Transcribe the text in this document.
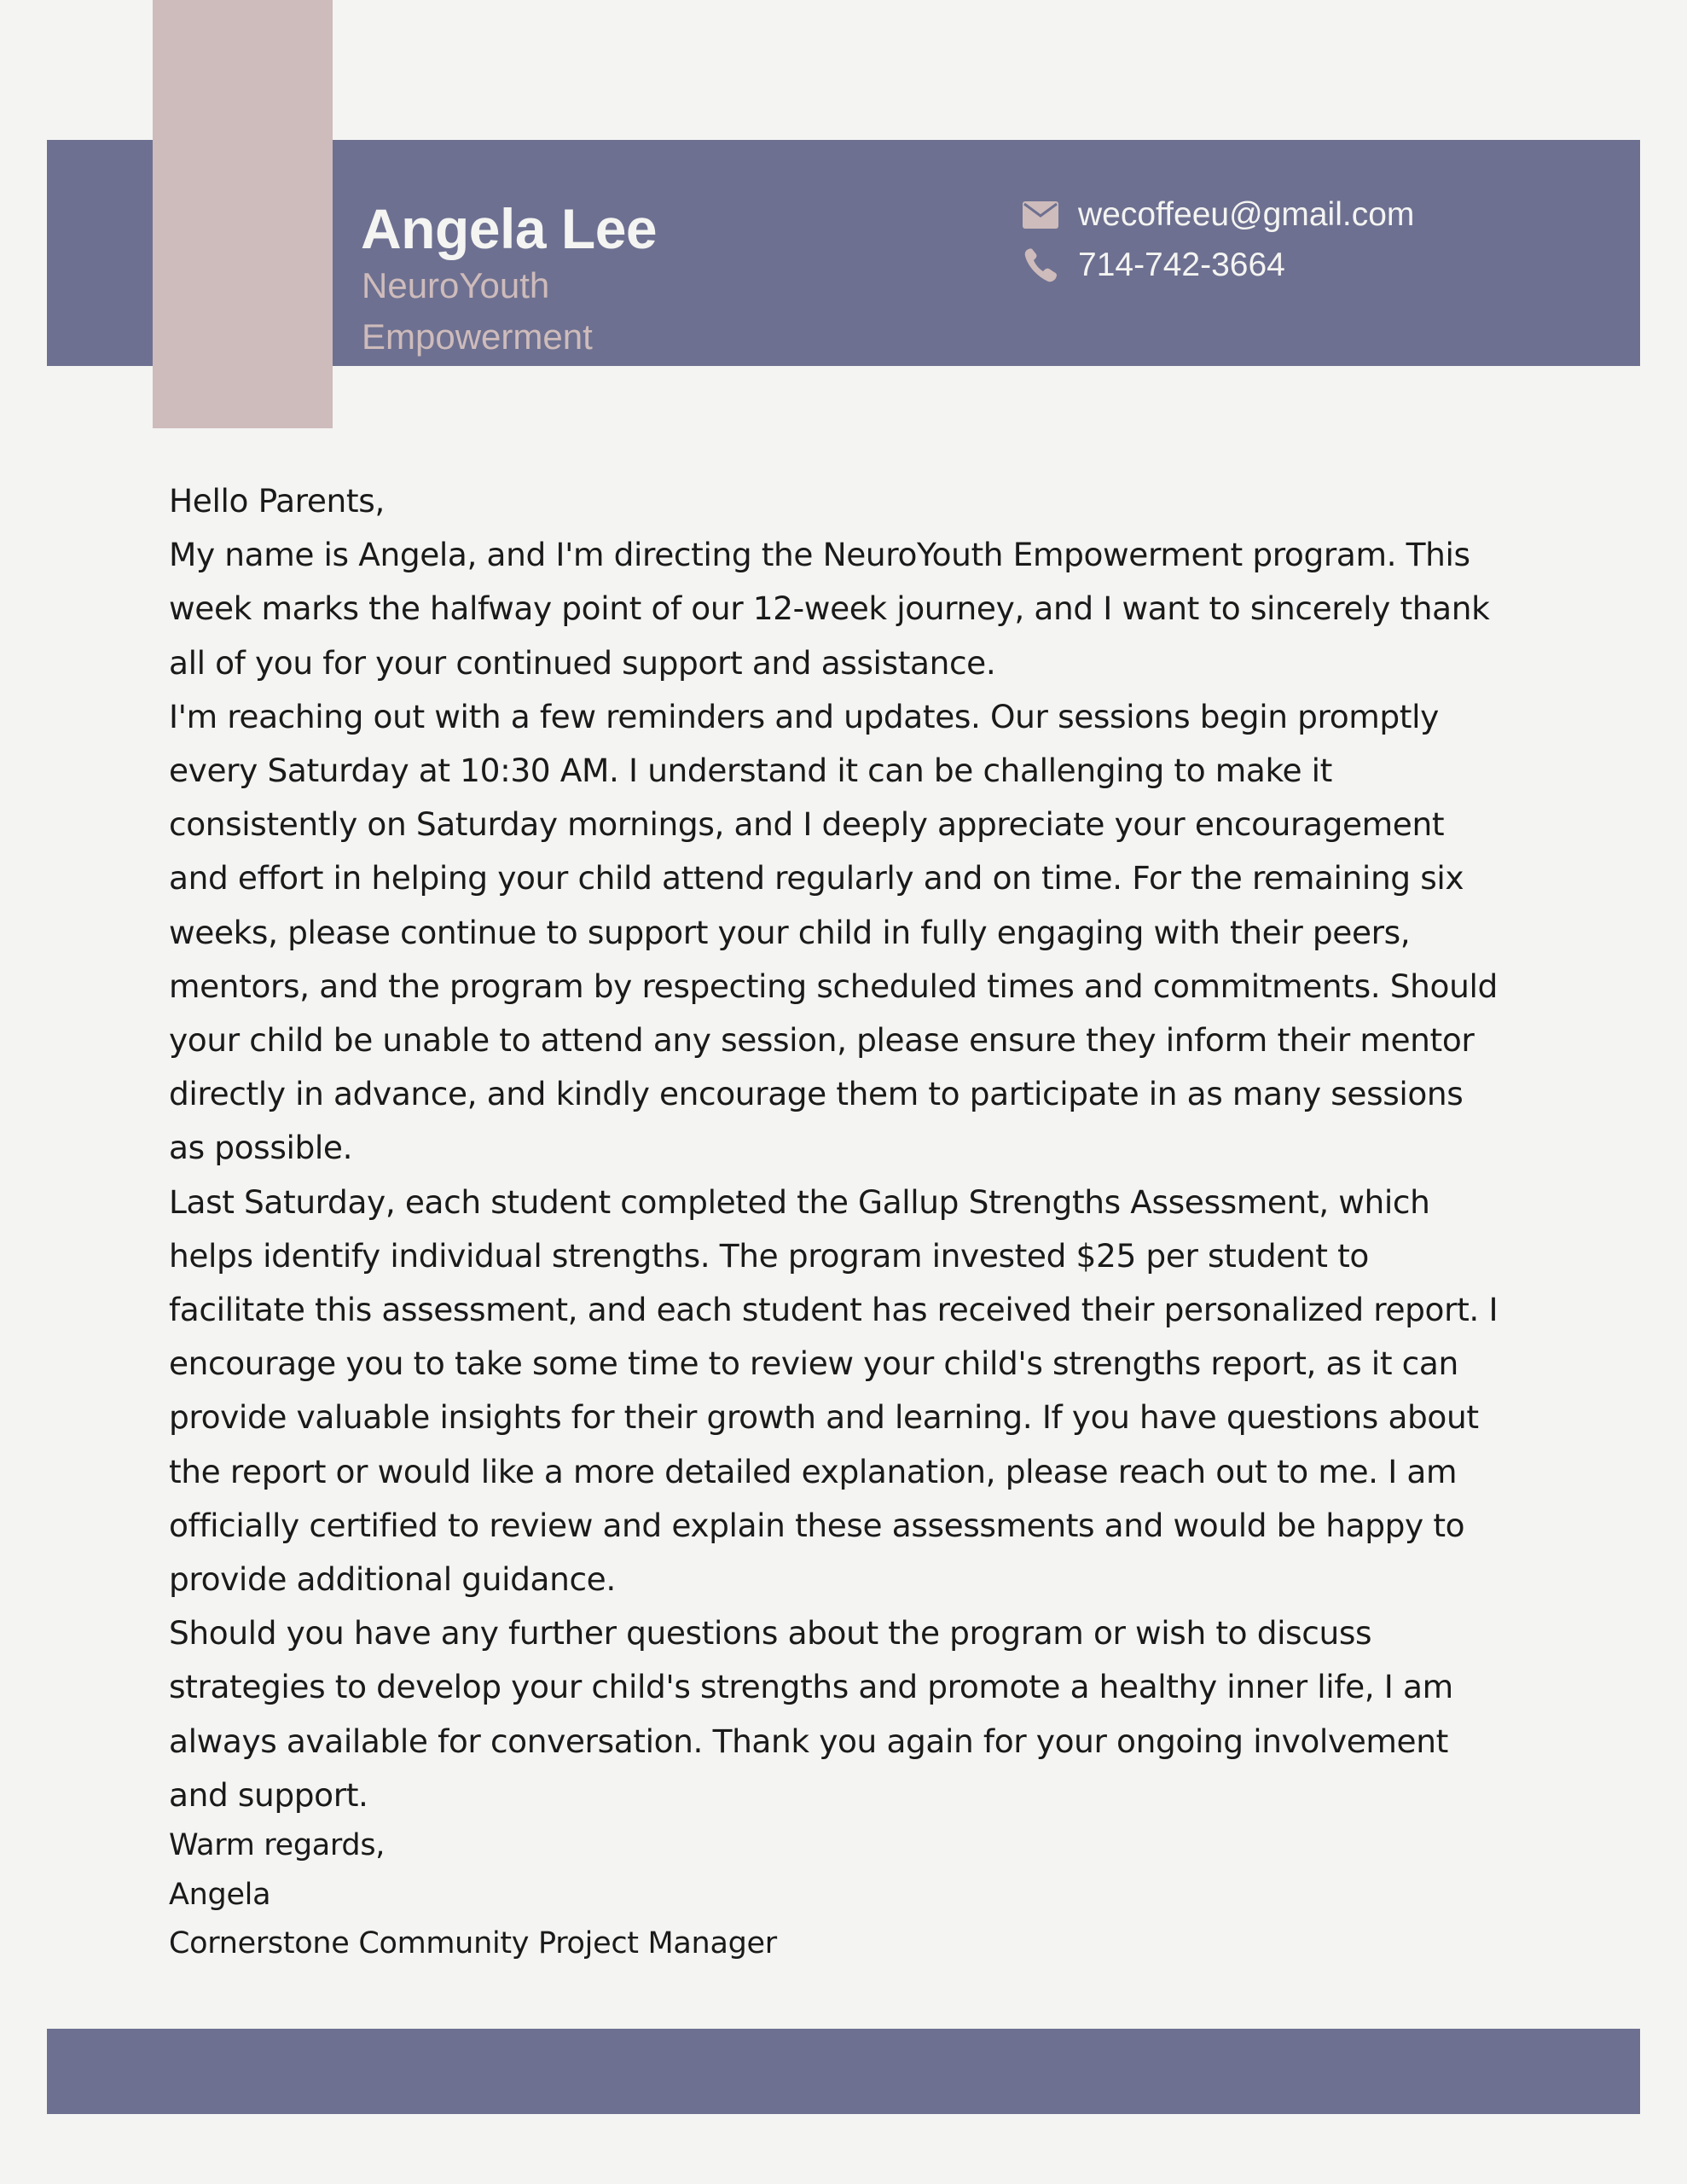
Angela Lee
NeuroYouth
Empowerment
wecoffeeu@gmail.com
714-742-3664

Hello Parents,

My name is Angela, and I'm directing the NeuroYouth Empowerment program. This week marks the halfway point of our 12-week journey, and I want to sincerely thank all of you for your continued support and assistance.

I'm reaching out with a few reminders and updates. Our sessions begin promptly every Saturday at 10:30 AM. I understand it can be challenging to make it consistently on Saturday mornings, and I deeply appreciate your encouragement and effort in helping your child attend regularly and on time. For the remaining six weeks, please continue to support your child in fully engaging with their peers, mentors, and the program by respecting scheduled times and commitments. Should your child be unable to attend any session, please ensure they inform their mentor directly in advance, and kindly encourage them to participate in as many sessions as possible.

Last Saturday, each student completed the Gallup Strengths Assessment, which helps identify individual strengths. The program invested $25 per student to facilitate this assessment, and each student has received their personalized report. I encourage you to take some time to review your child's strengths report, as it can provide valuable insights for their growth and learning. If you have questions about the report or would like a more detailed explanation, please reach out to me. I am officially certified to review and explain these assessments and would be happy to provide additional guidance.

Should you have any further questions about the program or wish to discuss strategies to develop your child's strengths and promote a healthy inner life, I am always available for conversation. Thank you again for your ongoing involvement and support.

Warm regards,
Angela
Cornerstone Community Project Manager
